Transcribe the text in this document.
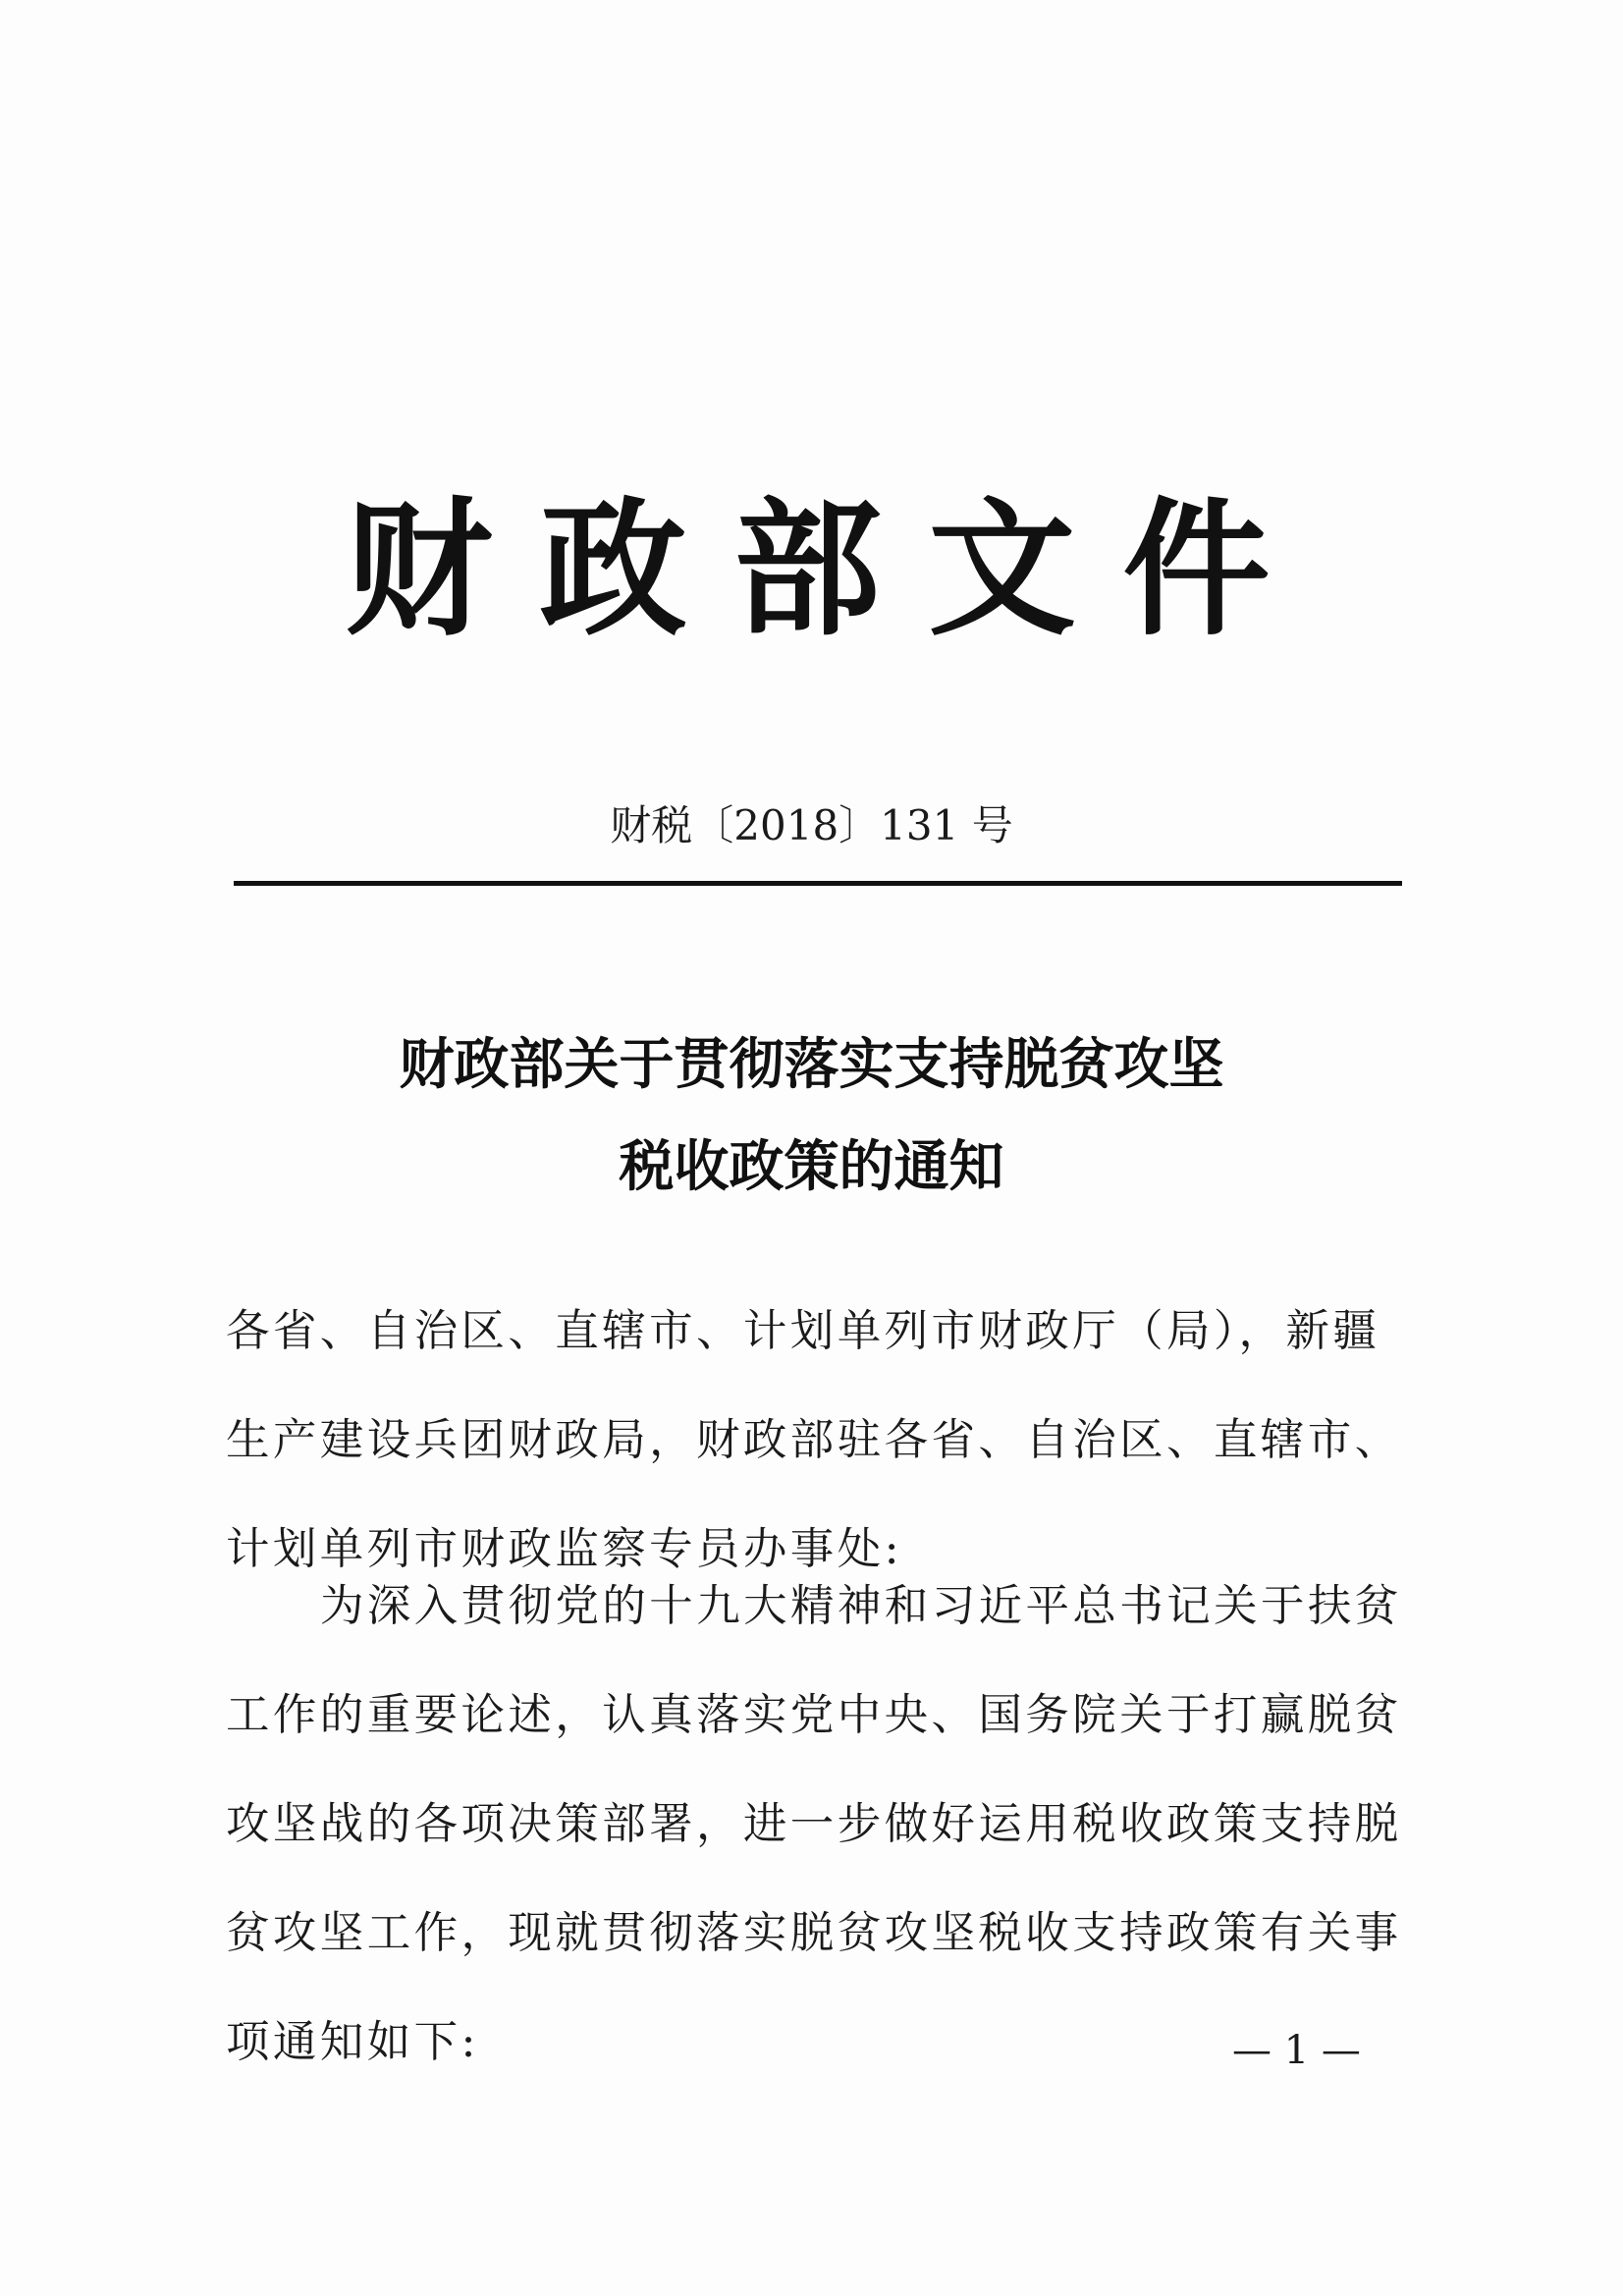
财政部文件
财税〔2018〕131 号
财政部关于贯彻落实支持脱贫攻坚
税收政策的通知
各省、自治区、直辖市、计划单列市财政厅（局），新疆生产建设兵团财政局，财政部驻各省、自治区、直辖市、计划单列市财政监察专员办事处:
为深入贯彻党的十九大精神和习近平总书记关于扶贫工作的重要论述，认真落实党中央、国务院关于打赢脱贫攻坚战的各项决策部署，进一步做好运用税收政策支持脱贫攻坚工作，现就贯彻落实脱贫攻坚税收支持政策有关事项通知如下:	— 1 —
